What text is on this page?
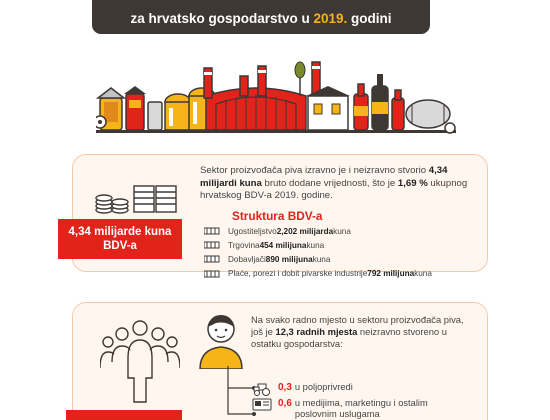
za hrvatsko gospodarstvo u 2019. godini
4,34 milijarde kuna BDV-a
Sektor proizvođača piva izravno je i neizravno stvorio 4,34 milijardi kuna bruto dodane vrijednosti, što je 1,69 % ukupnog hrvatskog BDV-a 2019. godine.
Struktura BDV-a
Ugostiteljstvo 2,202 milijarda kuna
Trgovina 454 milijuna kuna
Dobavljači 890 milijuna kuna
Plaće, porezi i dobit pivarske industrije 792 milijuna kuna
Na svako radno mjesto u sektoru proizvođača piva, još je 12,3 radnih mjesta neizravno stvoreno u ostatku gospodarstva:
0,3 u poljoprivredi
0,6 u medijima, marketingu i ostalim poslovnim uslugama
